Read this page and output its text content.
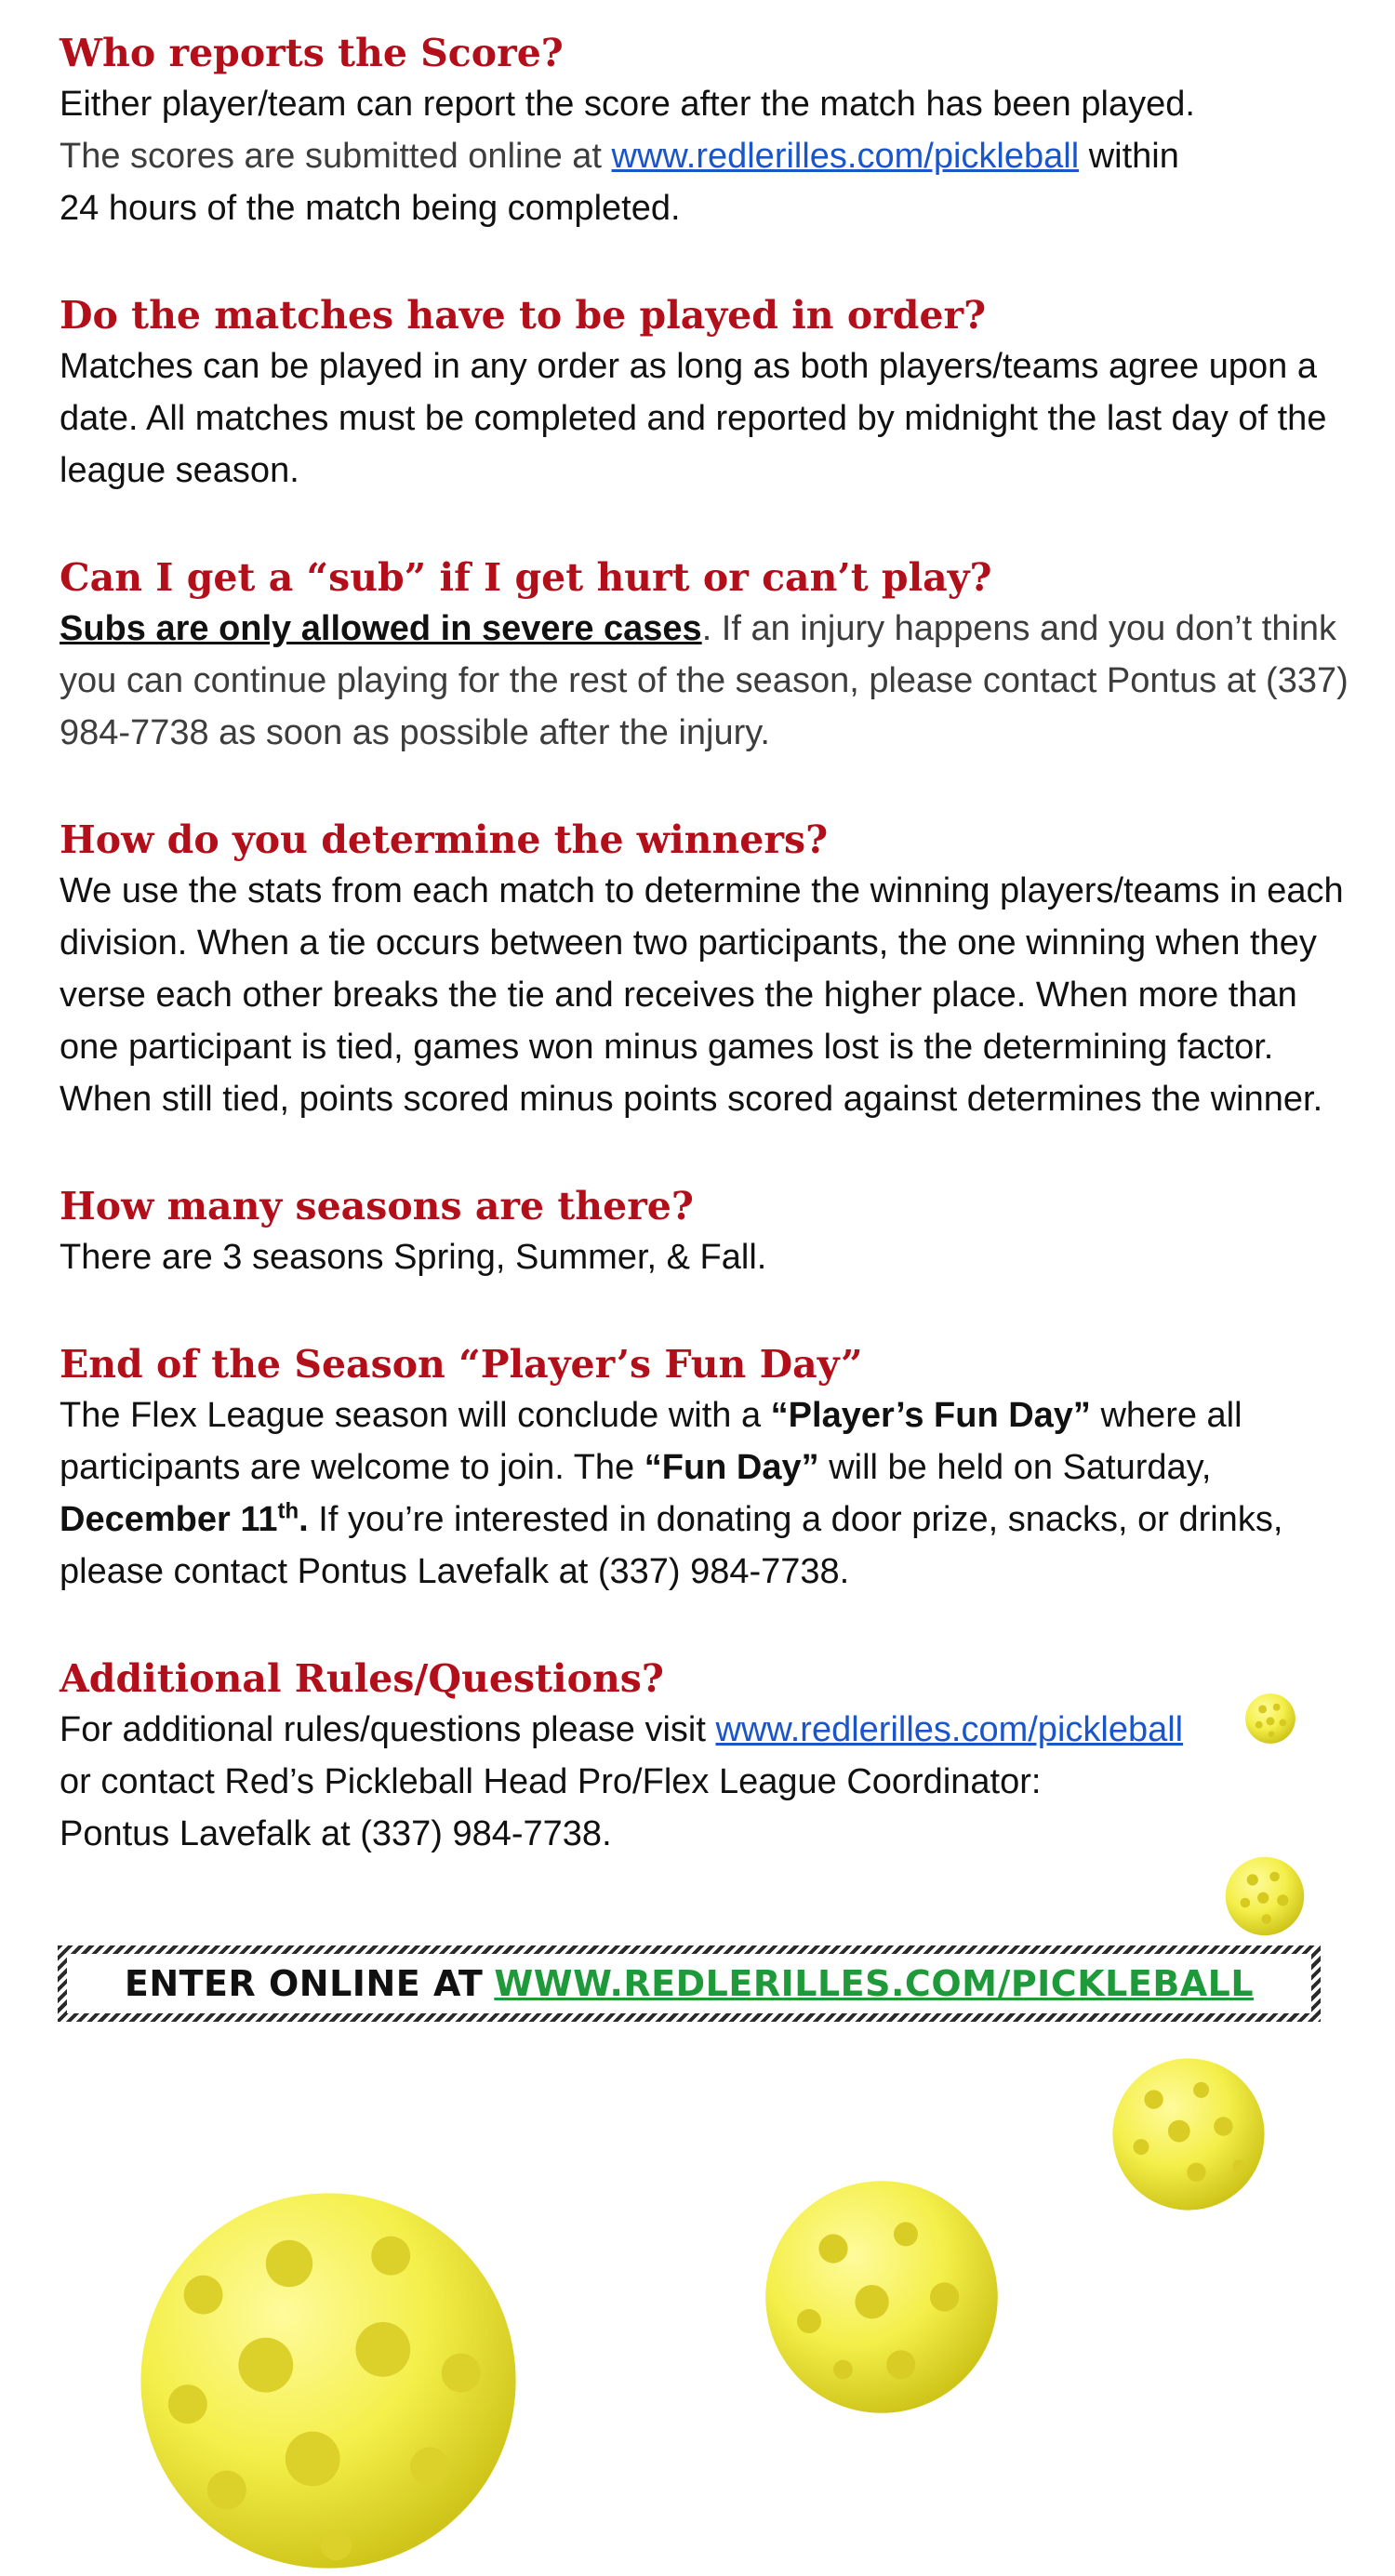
Who reports the Score?

Either player/team can report the score after the match has been played.
The scores are submitted online at www.redlerilles.com/pickleball within
24 hours of the match being completed.

Do the matches have to be played in order?

Matches can be played in any order as long as both players/teams agree upon a date. All matches must be completed and reported by midnight the last day of the league season.

Can I get a “sub” if I get hurt or can’t play?

Subs are only allowed in severe cases. If an injury happens and you don’t think you can continue playing for the rest of the season, please contact Pontus at (337) 984-7738 as soon as possible after the injury.

How do you determine the winners?

We use the stats from each match to determine the winning players/teams in each division. When a tie occurs between two participants, the one winning when they verse each other breaks the tie and receives the higher place. When more than one participant is tied, games won minus games lost is the determining factor. When still tied, points scored minus points scored against determines the winner.

How many seasons are there?

There are 3 seasons Spring, Summer, & Fall.

End of the Season “Player’s Fun Day”

The Flex League season will conclude with a “Player’s Fun Day” where all participants are welcome to join. The “Fun Day” will be held on Saturday, December 11th. If you’re interested in donating a door prize, snacks, or drinks, please contact Pontus Lavefalk at (337) 984-7738.

Additional Rules/Questions?

For additional rules/questions please visit www.redlerilles.com/pickleball
or contact Red’s Pickleball Head Pro/Flex League Coordinator:
Pontus Lavefalk at (337) 984-7738.

ENTER ONLINE AT WWW.REDLERILLES.COM/PICKLEBALL
